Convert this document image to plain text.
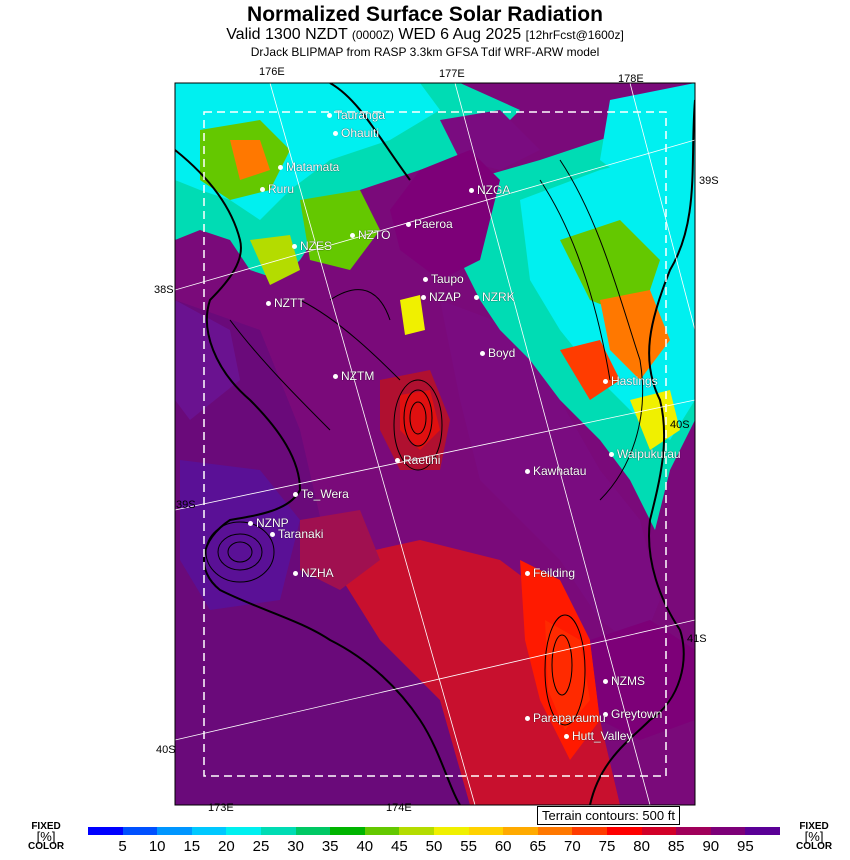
Normalized Surface Solar Radiation
Valid 1300 NZDT (0000Z) WED 6 Aug 2025 [12hrFcst@1600z]
DrJack BLIPMAP from RASP 3.3km GFSA Tdif WRF-ARW model
176E	177E	178E
173E	174E
39S
38S
40S
39S
41S
40S
Tauranga
Ohauiti
Matamata
Ruru	NZGA
Paeroa
NZTO
NZES
Taupo
NZAP	NZRK
NZTT
Boyd
NZTM	Hastings
Raetihi	Waipukurau
Kawhatau
Te_Wera
NZNP
Taranaki
NZHA	Feilding
NZMS
Greytown
Paraparaumu
Hutt_Valley
Terrain contours: 500 ft
FIXED
[%]
COLOR	5 10 15 20 25 30 35 40 45 50 55 60 65 70 75 80 85 90 95
FIXED
[%]
COLOR
